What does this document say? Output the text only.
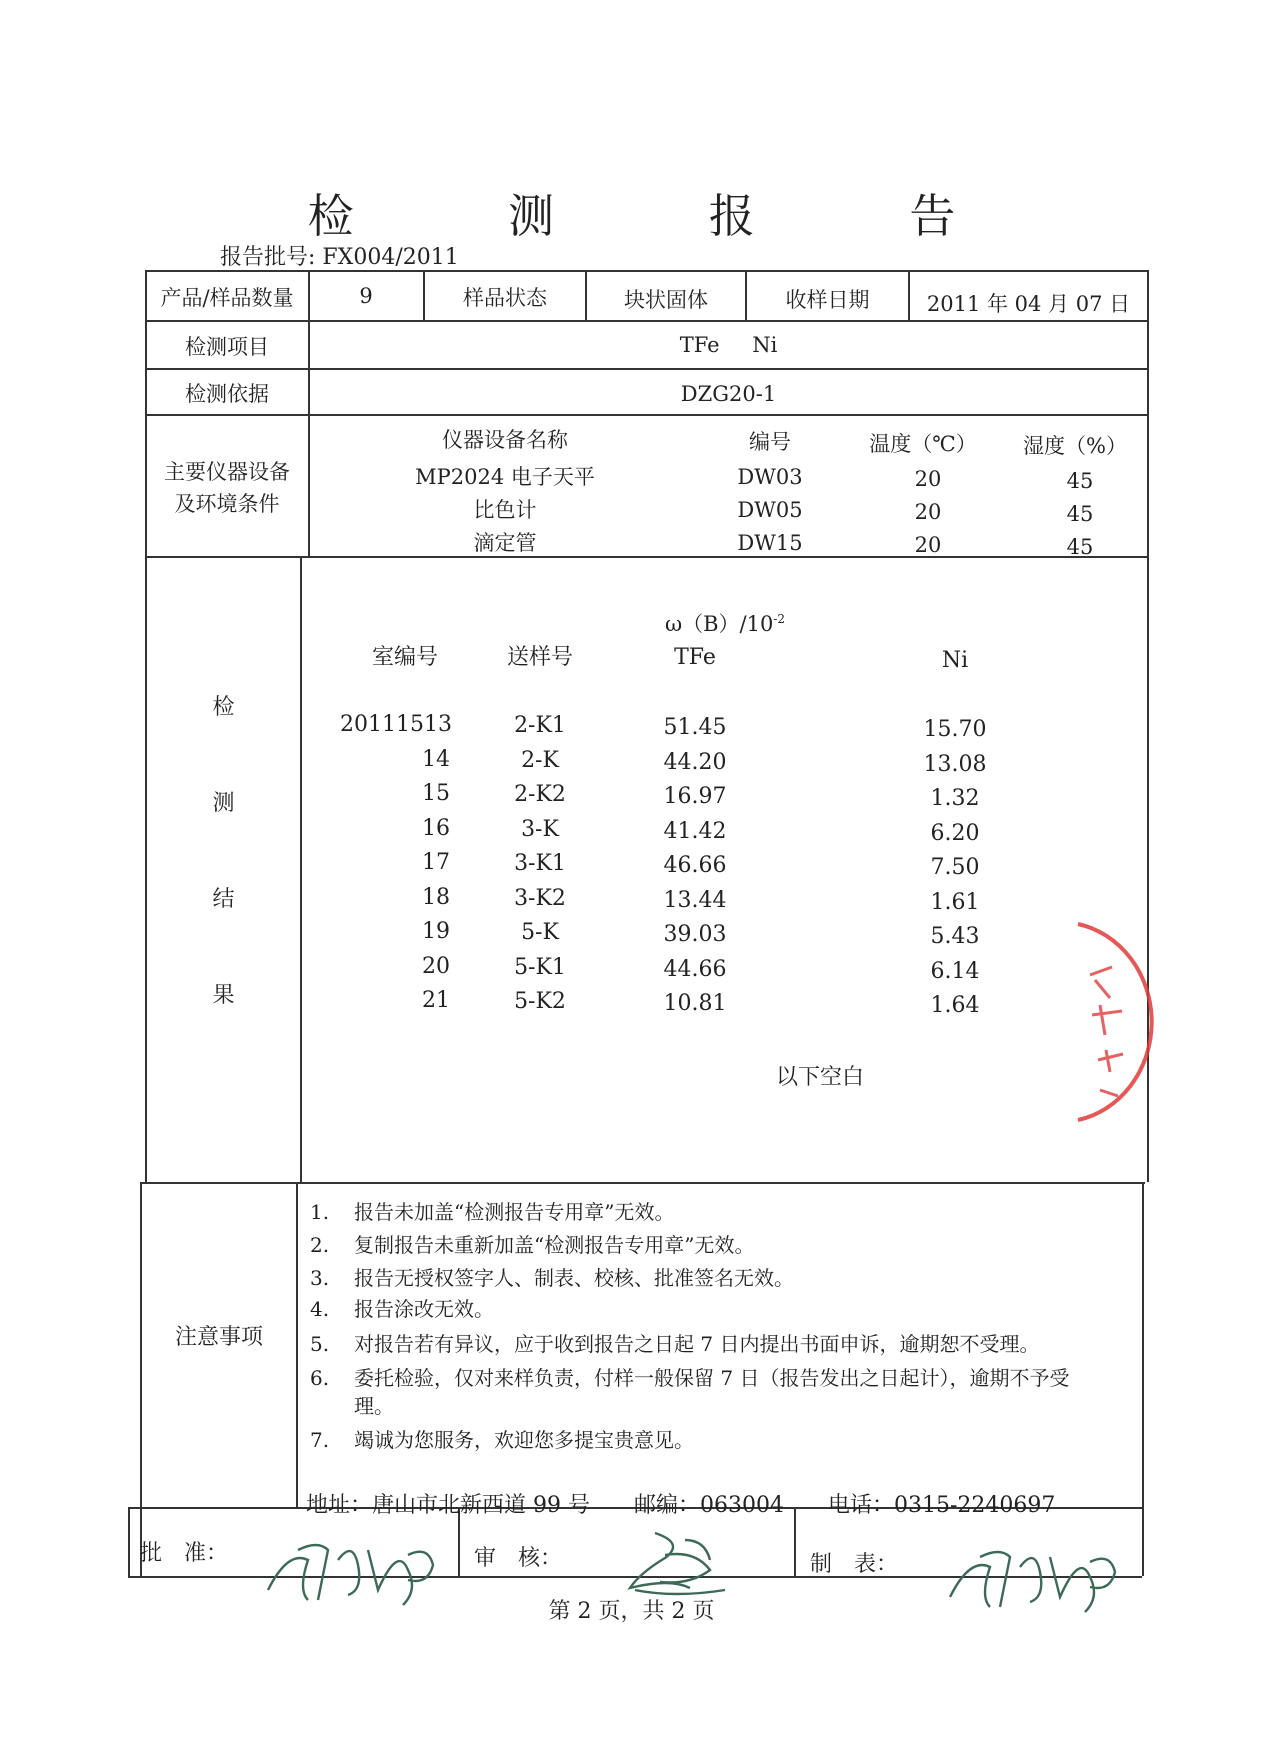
检 测 报 告
报告批号: FX004/2011
产品/样品数量	9	样品状态	块状固体	收样日期	2011 年 04 月 07 日
检测项目	TFe Ni
检测依据	DZG20-1
主要仪器设备
及环境条件
仪器设备名称	编号	温度（℃）	湿度（%）
MP2024 电子天平	DW03	20	45
比色计	DW05	20	45
滴定管	DW15	20	45
检
测
结
果
$\omega(B)/10^{-2}$
室编号	送样号	TFe	Ni
20111513	2-K1	51.45	15.70
14	2-K	44.20	13.08
15	2-K2	16.97	1.32
16	3-K	41.42	6.20
17	3-K1	46.66	7.50
18	3-K2	13.44	1.61
19	5-K	39.03	5.43
20	5-K1	44.66	6.14
21	5-K2	10.81	1.64
以下空白
注意事项
1. 报告未加盖“检测报告专用章”无效。
2. 复制报告未重新加盖“检测报告专用章”无效。
3. 报告无授权签字人、制表、校核、批准签名无效。
4. 报告涂改无效。
5. 对报告若有异议，应于收到报告之日起 7 日内提出书面申诉，逾期恕不受理。
6. 委托检验，仅对来样负责，付样一般保留 7 日（报告发出之日起计），逾期不予受
理。
7. 竭诚为您服务，欢迎您多提宝贵意见。
地址：唐山市北新西道 99 号　　邮编：063004　　电话：0315-2240697
批　准：	审　核：	制　表：
第 2 页，共 2 页
